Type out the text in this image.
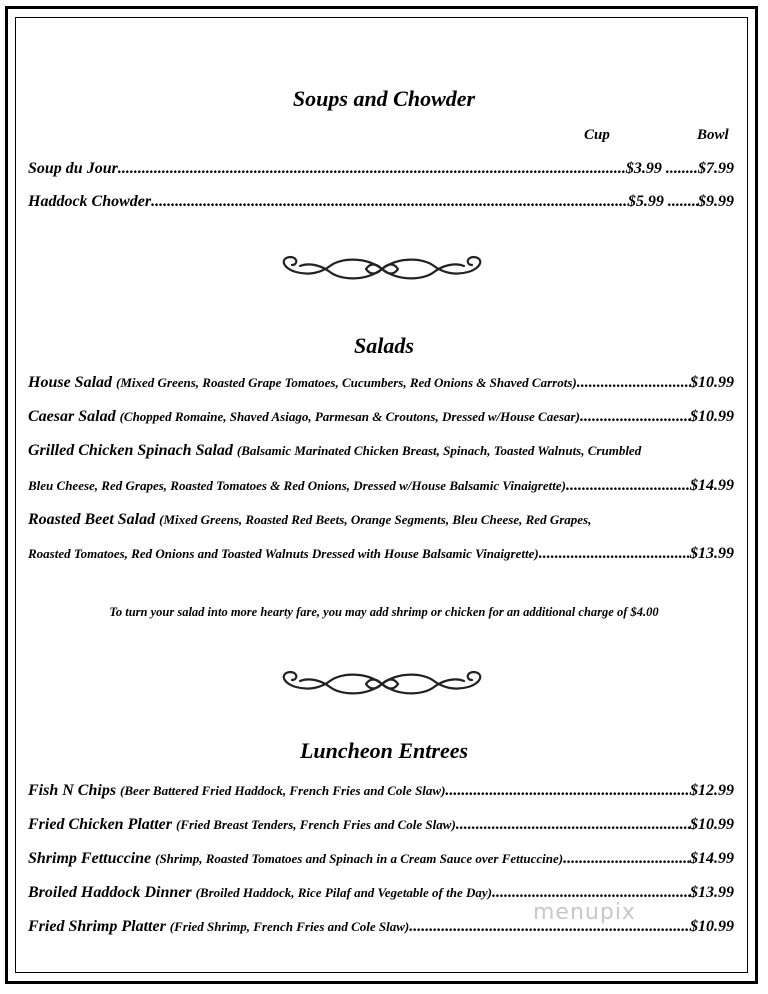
Soups and Chowder
Cup	Bowl
Soup du Jour .....	$3.99 ..... $7.99
Haddock Chowder .....	$5.99 ..... $9.99
Salads
House Salad (Mixed Greens, Roasted Grape Tomatoes, Cucumbers, Red Onions & Shaved Carrots) .....	$10.99
Caesar Salad (Chopped Romaine, Shaved Asiago, Parmesan & Croutons, Dressed w/House Caesar) .....	$10.99
Grilled Chicken Spinach Salad (Balsamic Marinated Chicken Breast, Spinach, Toasted Walnuts, Crumbled
Bleu Cheese, Red Grapes, Roasted Tomatoes & Red Onions, Dressed w/House Balsamic Vinaigrette) .....	$14.99
Roasted Beet Salad (Mixed Greens, Roasted Red Beets, Orange Segments, Bleu Cheese, Red Grapes,
Roasted Tomatoes, Red Onions and Toasted Walnuts Dressed with House Balsamic Vinaigrette) .....	$13.99
To turn your salad into more hearty fare, you may add shrimp or chicken for an additional charge of $4.00
Luncheon Entrees
Fish N Chips (Beer Battered Fried Haddock, French Fries and Cole Slaw) .....	$12.99
Fried Chicken Platter (Fried Breast Tenders, French Fries and Cole Slaw) .....	$10.99
Shrimp Fettuccine (Shrimp, Roasted Tomatoes and Spinach in a Cream Sauce over Fettuccine) .....	$14.99
Broiled Haddock Dinner (Broiled Haddock, Rice Pilaf and Vegetable of the Day) .....	$13.99
Fried Shrimp Platter (Fried Shrimp, French Fries and Cole Slaw) .....	$10.99
menupix
